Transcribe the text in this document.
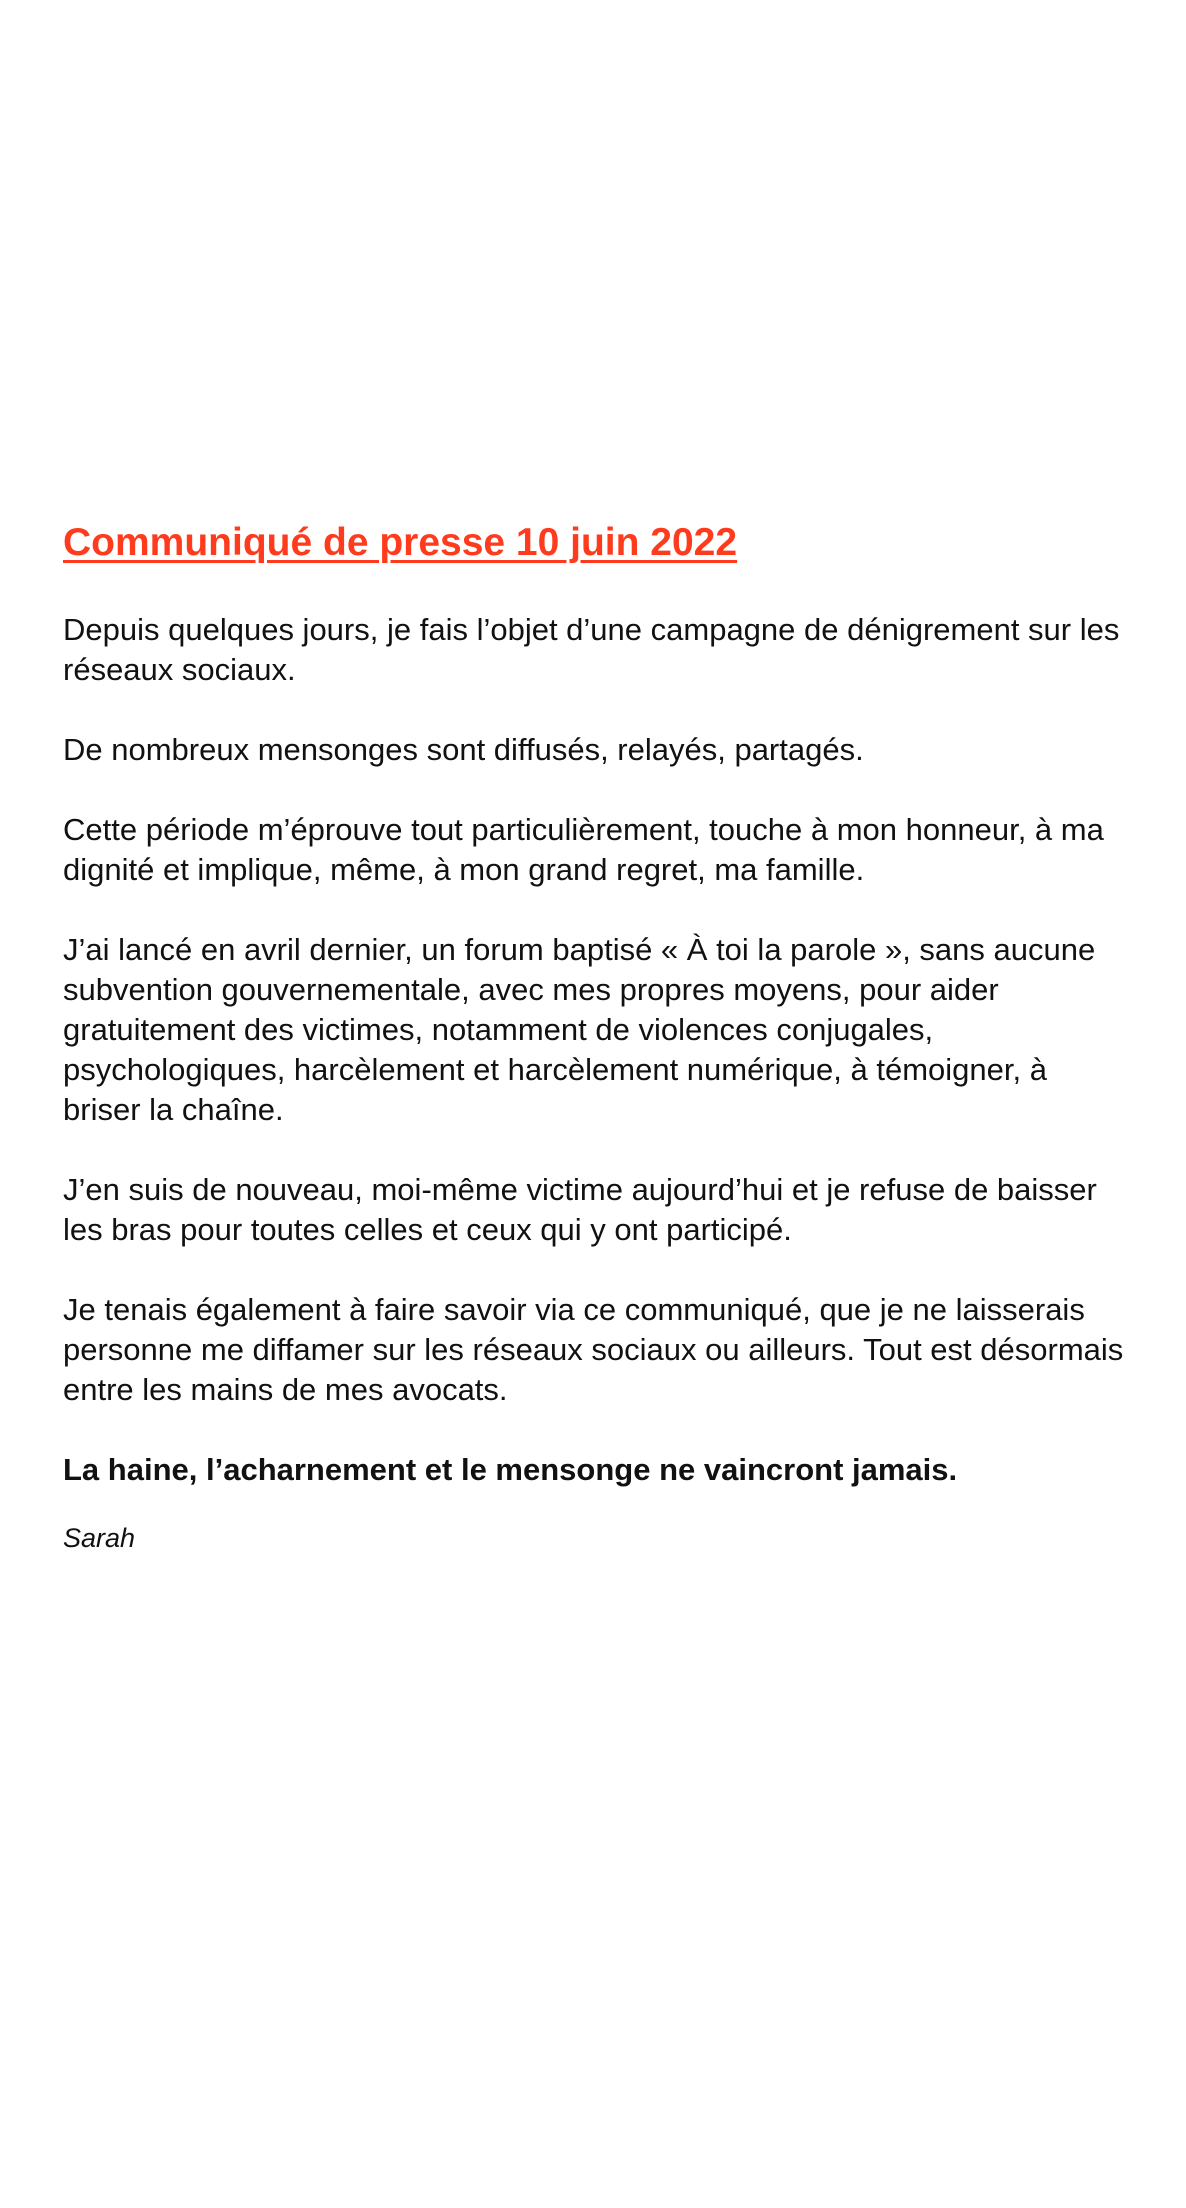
Communiqué de presse 10 juin 2022

Depuis quelques jours, je fais l’objet d’une campagne de dénigrement sur les réseaux sociaux.

De nombreux mensonges sont diffusés, relayés, partagés.

Cette période m’éprouve tout particulièrement, touche à mon honneur, à ma dignité et implique, même, à mon grand regret, ma famille.

J’ai lancé en avril dernier, un forum baptisé « À toi la parole », sans aucune subvention gouvernementale, avec mes propres moyens, pour aider gratuitement des victimes, notamment de violences conjugales, psychologiques, harcèlement et harcèlement numérique, à témoigner, à briser la chaîne.

J’en suis de nouveau, moi-même victime aujourd’hui et je refuse de baisser les bras pour toutes celles et ceux qui y ont participé.

Je tenais également à faire savoir via ce communiqué, que je ne laisserais personne me diffamer sur les réseaux sociaux ou ailleurs. Tout est désormais entre les mains de mes avocats.

La haine, l’acharnement et le mensonge ne vaincront jamais.

Sarah
